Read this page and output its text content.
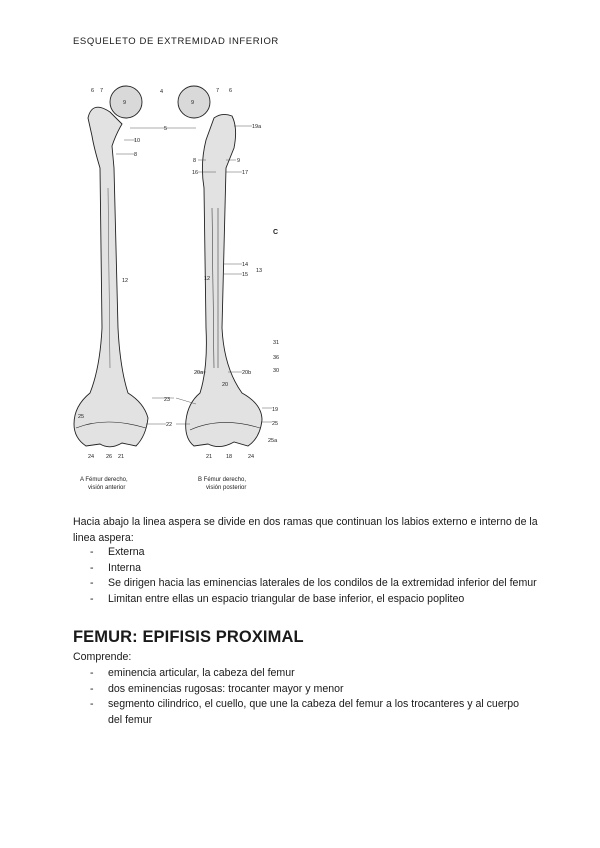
ESQUELETO DE EXTREMIDAD INFERIOR
6 7
9
4
9
7 6
5
10
8
19a
8
16
9
17
12	12
14
15
13
C
31
36
30
20a
20
20b
23
19
25
22	25
25a
24 26 21	21	18	24
A Fémur derecho,
visión anterior
B Fémur derecho,
visión posterior
Hacia abajo la linea aspera se divide en dos ramas que continuan los labios externo e interno de la linea aspera:
- Externa
- Interna
- Se dirigen hacia las eminencias laterales de los condilos de la extremidad inferior del femur
- Limitan entre ellas un espacio triangular de base inferior, el espacio popliteo
FEMUR: EPIFISIS PROXIMAL
Comprende:
- eminencia articular, la cabeza del femur
- dos eminencias rugosas: trocanter mayor y menor
- segmento cilindrico, el cuello, que une la cabeza del femur a los trocanteres y al cuerpo del femur
